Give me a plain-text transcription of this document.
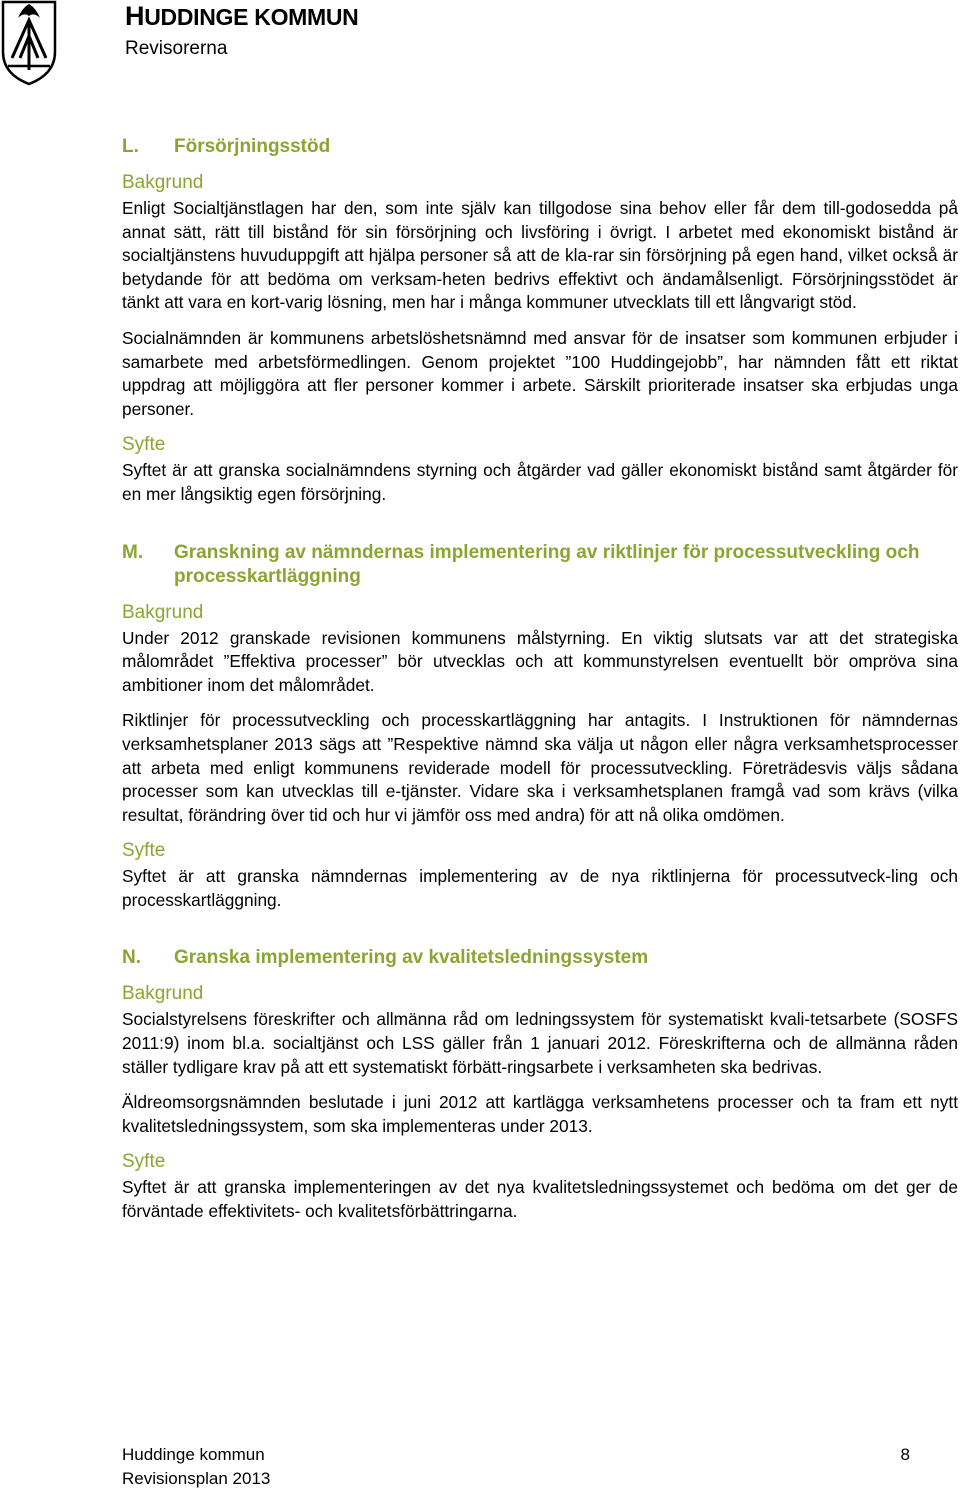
HUDDINGE KOMMUN
Revisorerna
L.	Försörjningsstöd
Bakgrund

Enligt Socialtjänstlagen har den, som inte själv kan tillgodose sina behov eller får dem till-godosedda på annat sätt, rätt till bistånd för sin försörjning och livsföring i övrigt. I arbetet med ekonomiskt bistånd är socialtjänstens huvuduppgift att hjälpa personer så att de kla-rar sin försörjning på egen hand, vilket också är betydande för att bedöma om verksam-heten bedrivs effektivt och ändamålsenligt. Försörjningsstödet är tänkt att vara en kort-varig lösning, men har i många kommuner utvecklats till ett långvarigt stöd.

Socialnämnden är kommunens arbetslöshetsnämnd med ansvar för de insatser som kommunen erbjuder i samarbete med arbetsförmedlingen. Genom projektet ”100 Huddingejobb”, har nämnden fått ett riktat uppdrag att möjliggöra att fler personer kommer i arbete. Särskilt prioriterade insatser ska erbjudas unga personer.

Syfte

Syftet är att granska socialnämndens styrning och åtgärder vad gäller ekonomiskt bistånd samt åtgärder för en mer långsiktig egen försörjning.

M.	Granskning av nämndernas implementering av riktlinjer för processutveckling och processkartläggning
Bakgrund

Under 2012 granskade revisionen kommunens målstyrning. En viktig slutsats var att det strategiska målområdet ”Effektiva processer” bör utvecklas och att kommunstyrelsen eventuellt bör ompröva sina ambitioner inom det målområdet.

Riktlinjer för processutveckling och processkartläggning har antagits. I Instruktionen för nämndernas verksamhetsplaner 2013 sägs att ”Respektive nämnd ska välja ut någon eller några verksamhetsprocesser att arbeta med enligt kommunens reviderade modell för processutveckling. Företrädesvis väljs sådana processer som kan utvecklas till e-tjänster. Vidare ska i verksamhetsplanen framgå vad som krävs (vilka resultat, förändring över tid och hur vi jämför oss med andra) för att nå olika omdömen.

Syfte

Syftet är att granska nämndernas implementering av de nya riktlinjerna för processutveck-ling och processkartläggning.

N.	Granska implementering av kvalitetsledningssystem
Bakgrund

Socialstyrelsens föreskrifter och allmänna råd om ledningssystem för systematiskt kvali-tetsarbete (SOSFS 2011:9) inom bl.a. socialtjänst och LSS gäller från 1 januari 2012. Föreskrifterna och de allmänna råden ställer tydligare krav på att ett systematiskt förbätt-ringsarbete i verksamheten ska bedrivas.

Äldreomsorgsnämnden beslutade i juni 2012 att kartlägga verksamhetens processer och ta fram ett nytt kvalitetsledningssystem, som ska implementeras under 2013.

Syfte

Syftet är att granska implementeringen av det nya kvalitetsledningssystemet och bedöma om det ger de förväntade effektivitets- och kvalitetsförbättringarna.

Huddinge kommun
Revisionsplan 2013
8
